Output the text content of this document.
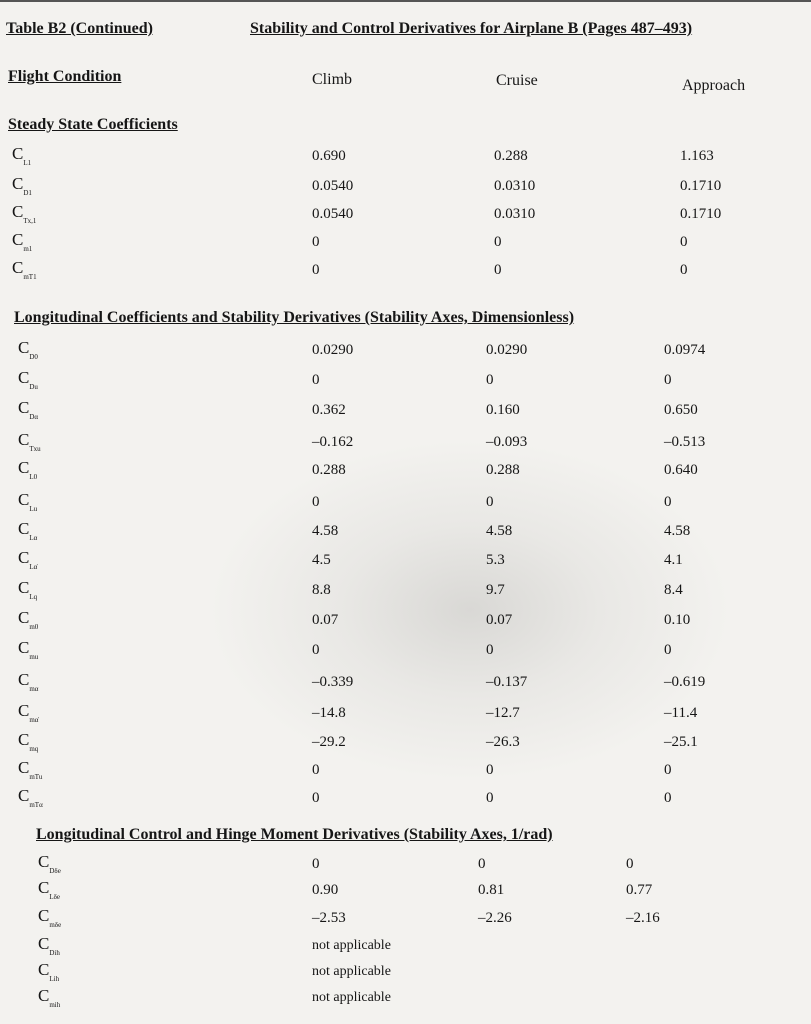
Table B2 (Continued)	Stability and Control Derivatives for Airplane B (Pages 487–493)
Flight Condition	Climb	Cruise	Approach
Steady State Coefficients
$C_{_{L1}}$	0.690	0.288	1.163
$C_{_{D1}}$	0.0540	0.0310	0.1710
$C_{_{Tx,1}}$	0.0540	0.0310	0.1710
$C_{_{m1}}$	0	0	0
$C_{_{mT1}}$	0	0	0
Longitudinal Coefficients and Stability Derivatives (Stability Axes, Dimensionless)
$C_{_{D0}}$	0.0290	0.0290	0.0974
$C_{_{Du}}$	0	0	0
$C_{_{D\alpha}}$	0.362	0.160	0.650
$C_{_{Txu}}$	–0.162	–0.093	–0.513
$C_{_{L0}}$	0.288	0.288	0.640
$C_{_{Lu}}$	0	0	0
$C_{_{L\alpha}}$	4.58	4.58	4.58
$C_{_{L\alphȧ}}$	4.5	5.3	4.1
$C_{_{Lq}}$	8.8	9.7	8.4
$C_{_{m0}}$	0.07	0.07	0.10
$C_{_{mu}}$	0	0	0
$C_{_{m\alpha}}$	–0.339	–0.137	–0.619
$C_{_{m\alphȧ}}$	–14.8	–12.7	–11.4
$C_{_{mq}}$	–29.2	–26.3	–25.1
$C_{_{mTu}}$	0	0	0
$C_{_{mT\alpha}}$	0	0	0
Longitudinal Control and Hinge Moment Derivatives (Stability Axes, 1/rad)
$C_{_{D\delta e}}$	0	0	0
$C_{_{L\delta e}}$	0.90	0.81	0.77
$C_{_{m\delta e}}$	–2.53	–2.26	–2.16
$C_{_{Dih}}$	not applicable
$C_{_{Lih}}$	not applicable
$C_{_{mih}}$	not applicable
